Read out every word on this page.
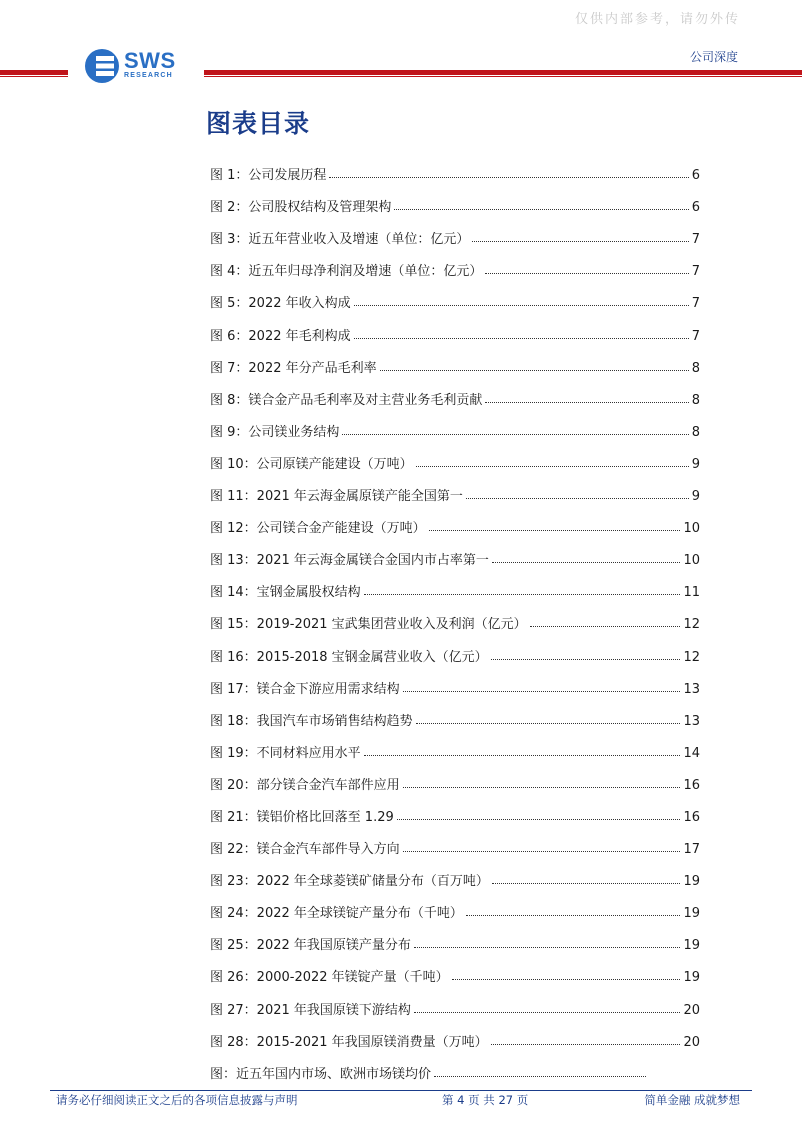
仅供内部参考，请勿外传
SWS
RESEARCH
公司深度
图表目录
图 1：公司发展历程	6
图 2：公司股权结构及管理架构	6
图 3：近五年营业收入及增速（单位：亿元）	7
图 4：近五年归母净利润及增速（单位：亿元）	7
图 5：2022 年收入构成	7
图 6：2022 年毛利构成	7
图 7：2022 年分产品毛利率	8
图 8：镁合金产品毛利率及对主营业务毛利贡献	8
图 9：公司镁业务结构	8
图 10：公司原镁产能建设（万吨）	9
图 11：2021 年云海金属原镁产能全国第一	9
图 12：公司镁合金产能建设（万吨）	10
图 13：2021 年云海金属镁合金国内市占率第一	10
图 14：宝钢金属股权结构	11
图 15：2019-2021 宝武集团营业收入及利润（亿元）	12
图 16：2015-2018 宝钢金属营业收入（亿元）	12
图 17：镁合金下游应用需求结构	13
图 18：我国汽车市场销售结构趋势	13
图 19：不同材料应用水平	14
图 20：部分镁合金汽车部件应用	16
图 21：镁铝价格比回落至 1.29	16
图 22：镁合金汽车部件导入方向	17
图 23：2022 年全球菱镁矿储量分布（百万吨）	19
图 24：2022 年全球镁锭产量分布（千吨）	19
图 25：2022 年我国原镁产量分布	19
图 26：2000-2022 年镁锭产量（千吨）	19
图 27：2021 年我国原镁下游结构	20
图 28：2015-2021 年我国原镁消费量（万吨）	20
图：近五年国内市场、欧洲市场镁均价
请务必仔细阅读正文之后的各项信息披露与声明	第 4 页 共 27 页	简单金融 成就梦想
